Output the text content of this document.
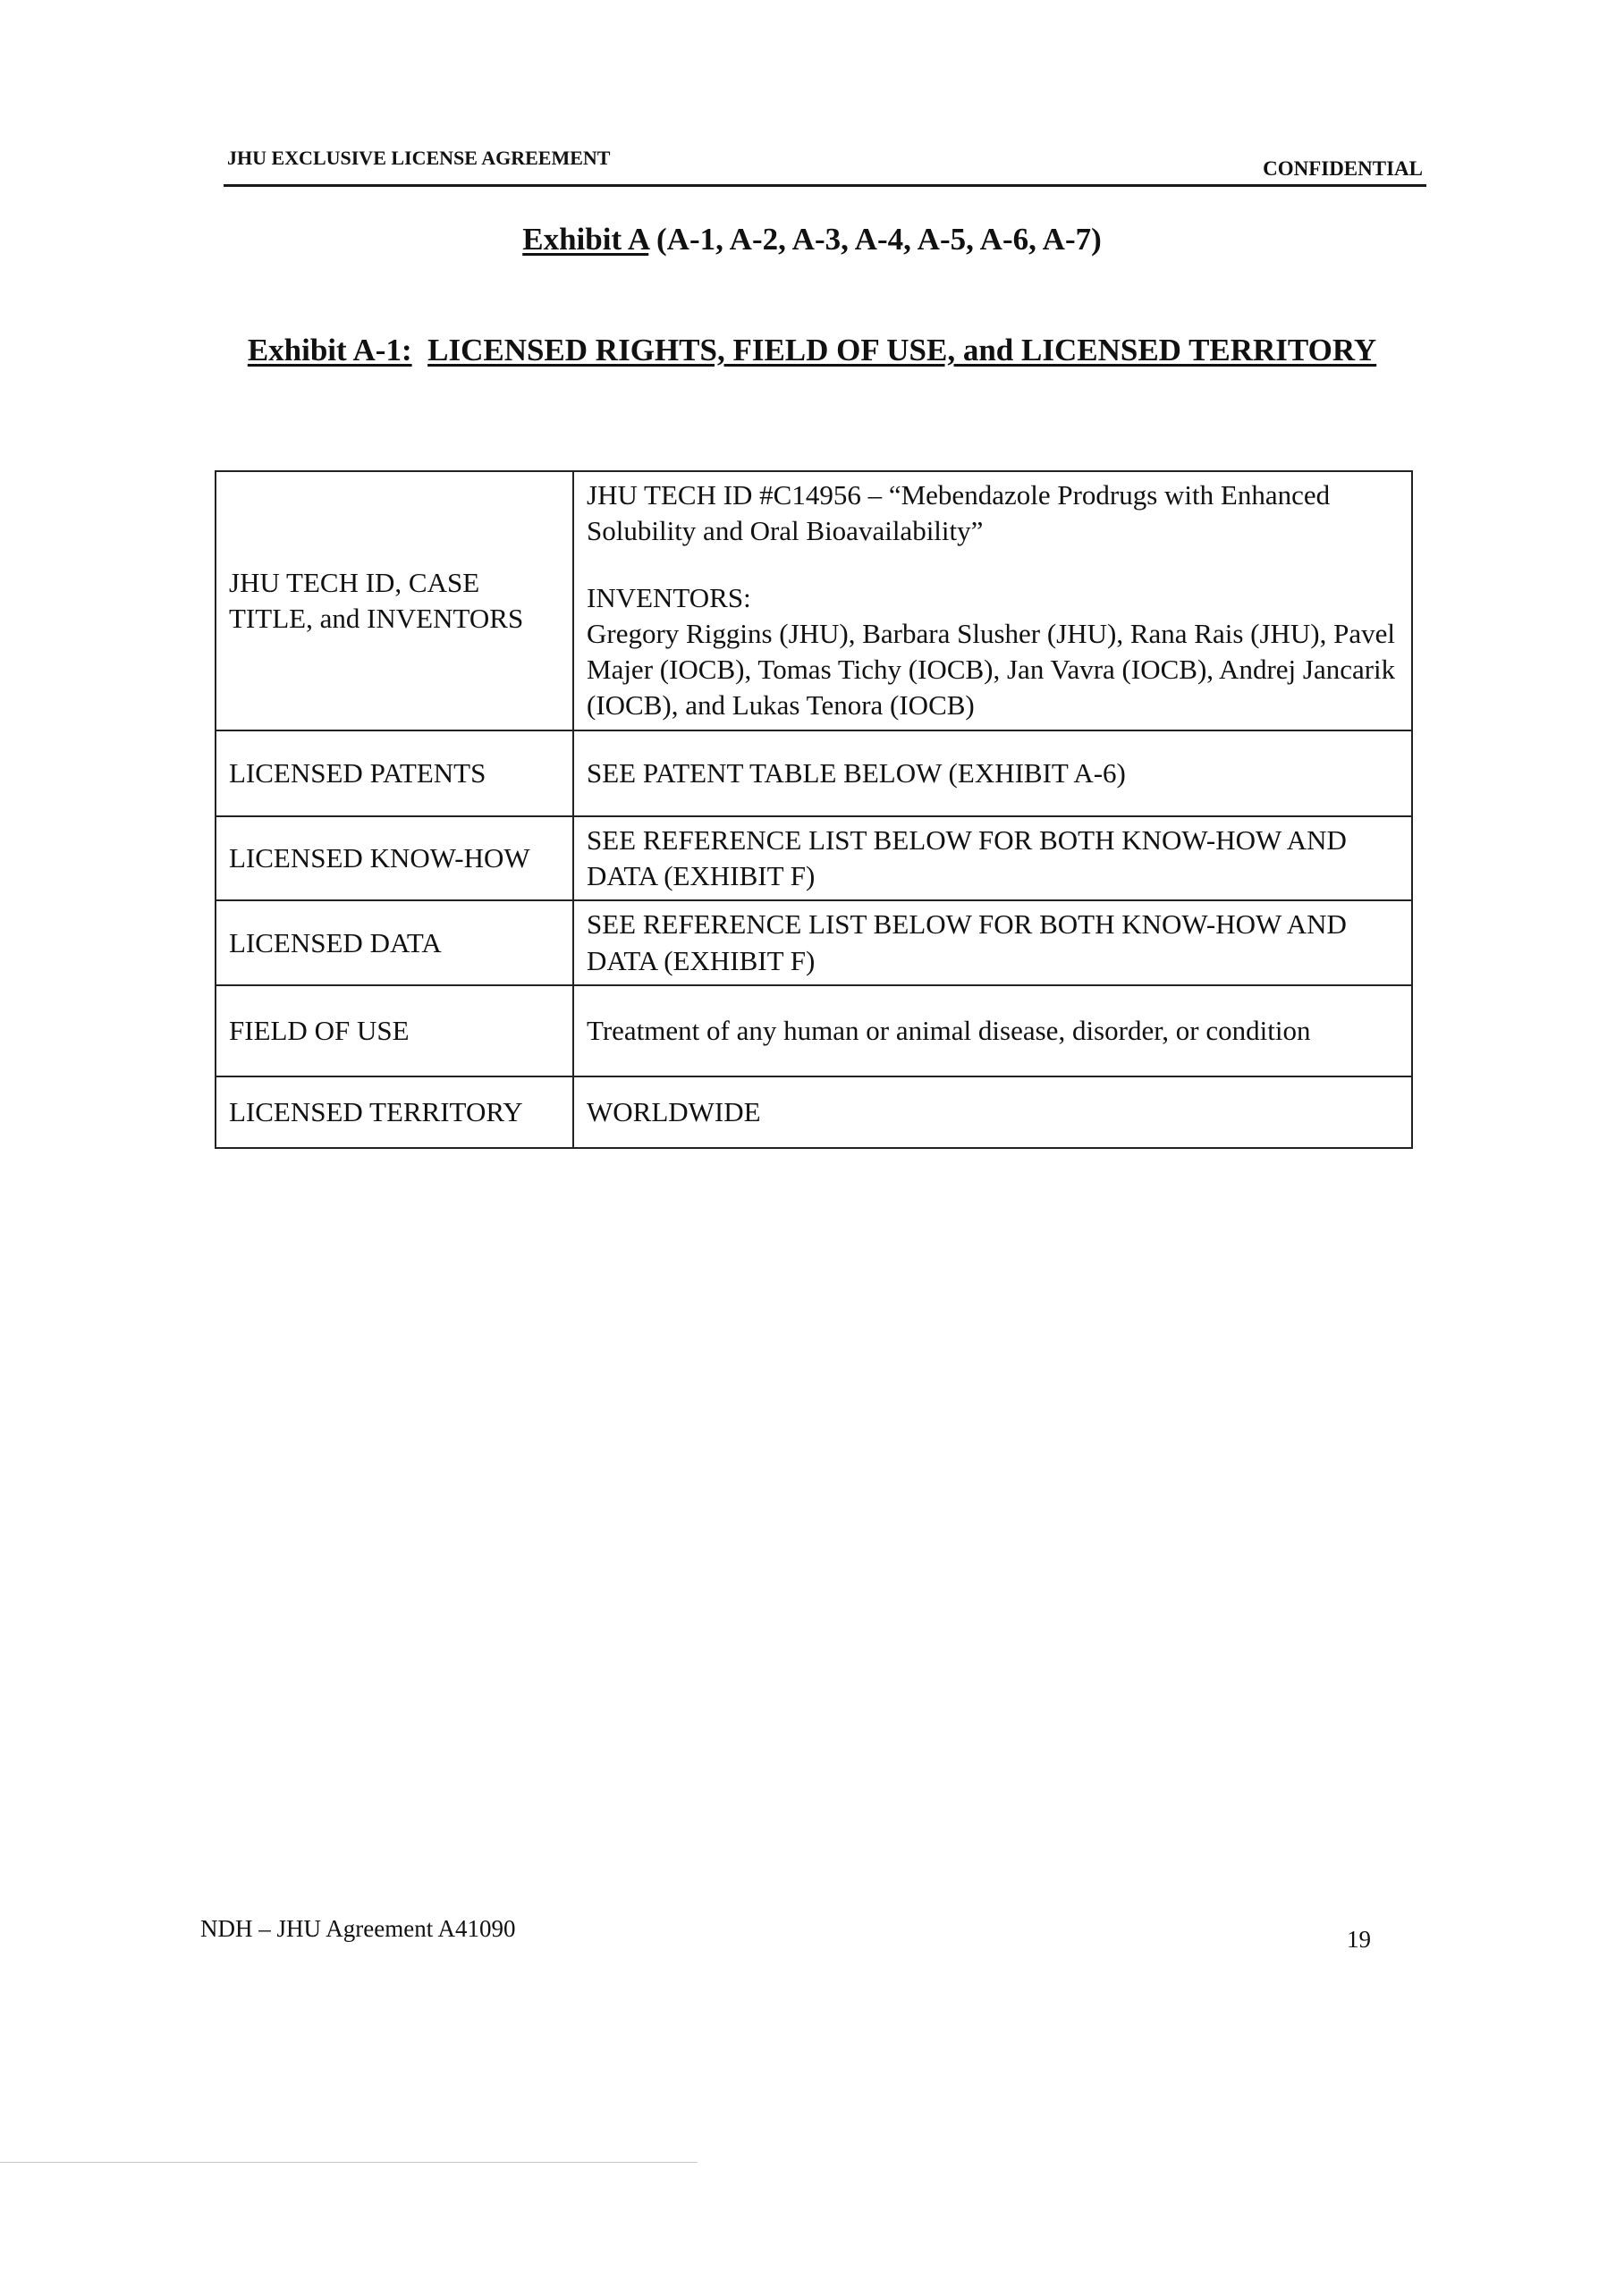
JHU EXCLUSIVE LICENSE AGREEMENT	CONFIDENTIAL
Exhibit A (A-1, A-2, A-3, A-4, A-5, A-6, A-7)
Exhibit A-1: LICENSED RIGHTS, FIELD OF USE, and LICENSED TERRITORY
JHU TECH ID, CASE TITLE, and INVENTORS	JHU TECH ID #C14956 – “Mebendazole Prodrugs with Enhanced Solubility and Oral Bioavailability”
INVENTORS:
Gregory Riggins (JHU), Barbara Slusher (JHU), Rana Rais (JHU), Pavel Majer (IOCB), Tomas Tichy (IOCB), Jan Vavra (IOCB), Andrej Jancarik (IOCB), and Lukas Tenora (IOCB)

LICENSED PATENTS	SEE PATENT TABLE BELOW (EXHIBIT A-6)
LICENSED KNOW-HOW	SEE REFERENCE LIST BELOW FOR BOTH KNOW-HOW AND DATA (EXHIBIT F)
LICENSED DATA	SEE REFERENCE LIST BELOW FOR BOTH KNOW-HOW AND DATA (EXHIBIT F)
FIELD OF USE	Treatment of any human or animal disease, disorder, or condition
LICENSED TERRITORY	WORLDWIDE
NDH – JHU Agreement A41090	19
